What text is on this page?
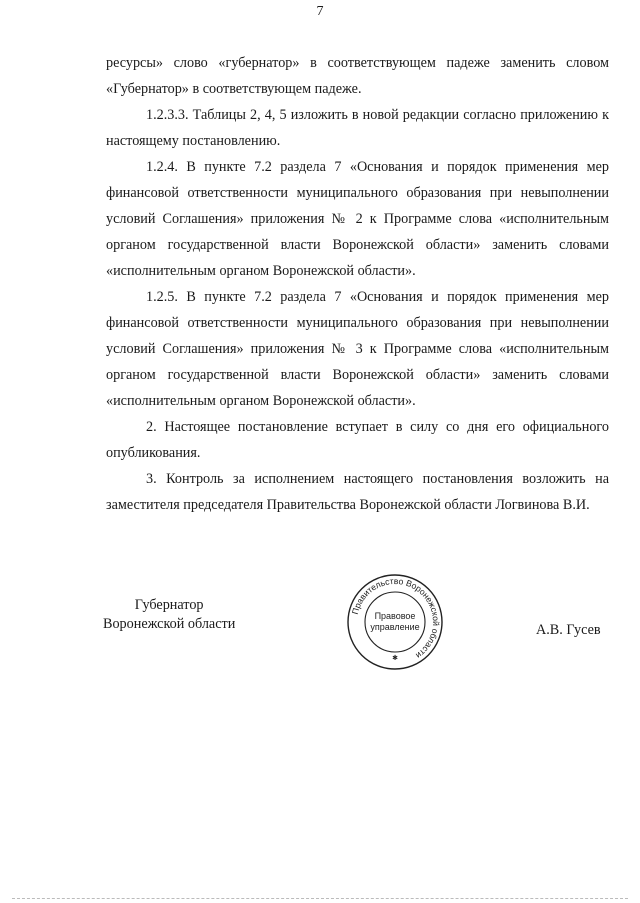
7

ресурсы» слово «губернатор» в соответствующем падеже заменить словом «Губернатор» в соответствующем падеже.

1.2.3.3. Таблицы 2, 4, 5 изложить в новой редакции согласно приложению к настоящему постановлению.

1.2.4. В пункте 7.2 раздела 7 «Основания и порядок применения мер финансовой ответственности муниципального образования при невыполнении условий Соглашения» приложения № 2 к Программе слова «исполнительным органом государственной власти Воронежской области» заменить словами «исполнительным органом Воронежской области».

1.2.5. В пункте 7.2 раздела 7 «Основания и порядок применения мер финансовой ответственности муниципального образования при невыполнении условий Соглашения» приложения № 3 к Программе слова «исполнительным органом государственной власти Воронежской области» заменить словами «исполнительным органом Воронежской области».

2. Настоящее постановление вступает в силу со дня его официального опубликования.

3. Контроль за исполнением настоящего постановления возложить на заместителя председателя Правительства Воронежской области Логвинова В.И.

Губернатор
Воронежской области
Правительство Воронежской области
Правовое
управление
✱
А.В. Гусев
